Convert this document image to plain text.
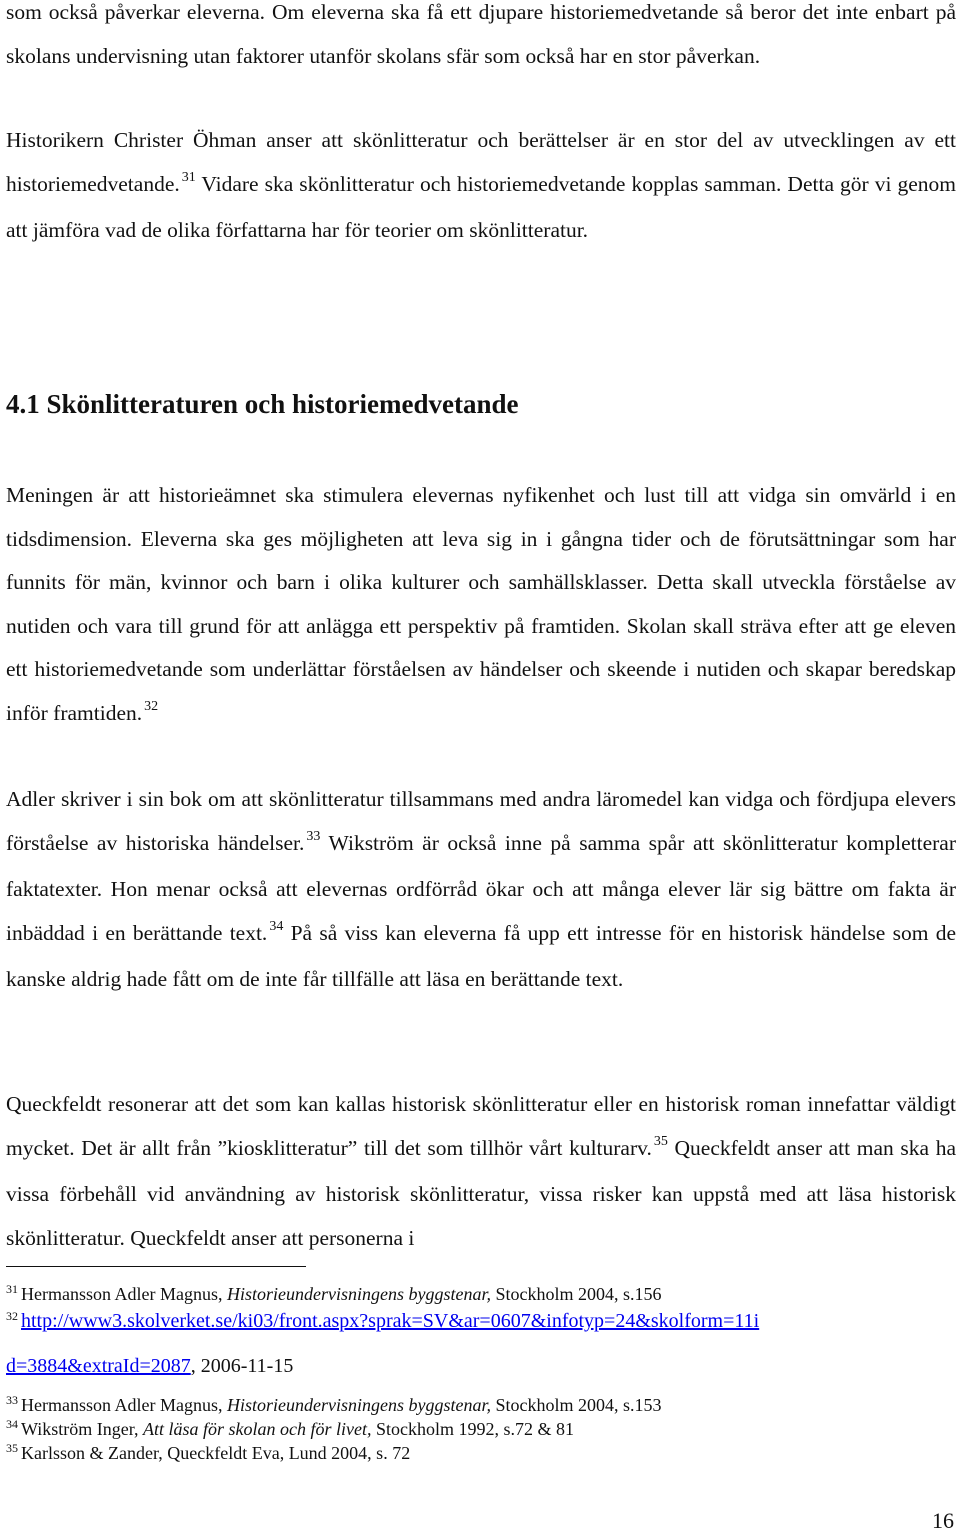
som också påverkar eleverna. Om eleverna ska få ett djupare historiemedvetande så beror det inte enbart på skolans undervisning utan faktorer utanför skolans sfär som också har en stor påverkan.

Historikern Christer Öhman anser att skönlitteratur och berättelser är en stor del av utvecklingen av ett historiemedvetande. $^{31}$ Vidare ska skönlitteratur och historiemedvetande kopplas samman. Detta gör vi genom att jämföra vad de olika författarna har för teorier om skönlitteratur.

4.1 Skönlitteraturen och historiemedvetande

Meningen är att historieämnet ska stimulera elevernas nyfikenhet och lust till att vidga sin omvärld i en tidsdimension. Eleverna ska ges möjligheten att leva sig in i gångna tider och de förutsättningar som har funnits för män, kvinnor och barn i olika kulturer och samhällsklasser. Detta skall utveckla förståelse av nutiden och vara till grund för att anlägga ett perspektiv på framtiden. Skolan skall sträva efter att ge eleven ett historiemedvetande som underlättar förståelsen av händelser och skeende i nutiden och skapar beredskap inför framtiden. $^{32}$

Adler skriver i sin bok om att skönlitteratur tillsammans med andra läromedel kan vidga och fördjupa elevers förståelse av historiska händelser. $^{33}$ Wikström är också inne på samma spår att skönlitteratur kompletterar faktatexter. Hon menar också att elevernas ordförråd ökar och att många elever lär sig bättre om fakta är inbäddad i en berättande text. $^{34}$ På så viss kan eleverna få upp ett intresse för en historisk händelse som de kanske aldrig hade fått om de inte får tillfälle att läsa en berättande text.

Queckfeldt resonerar att det som kan kallas historisk skönlitteratur eller en historisk roman innefattar väldigt mycket. Det är allt från ”kiosklitteratur” till det som tillhör vårt kulturarv. $^{35}$ Queckfeldt anser att man ska ha vissa förbehåll vid användning av historisk skönlitteratur, vissa risker kan uppstå med att läsa historisk skönlitteratur. Queckfeldt anser att personerna i

$^{31}$ Hermansson Adler Magnus, Historieundervisningens byggstenar, Stockholm 2004, s.156
$^{32}$ http://www3.skolverket.se/ki03/front.aspx?sprak=SV&ar=0607&infotyp=24&skolform=11i
d=3884&extraId=2087, 2006-11-15
$^{33}$ Hermansson Adler Magnus, Historieundervisningens byggstenar, Stockholm 2004, s.153
$^{34}$ Wikström Inger, Att läsa för skolan och för livet, Stockholm 1992, s.72 & 81
$^{35}$ Karlsson & Zander, Queckfeldt Eva, Lund 2004, s. 72
16
